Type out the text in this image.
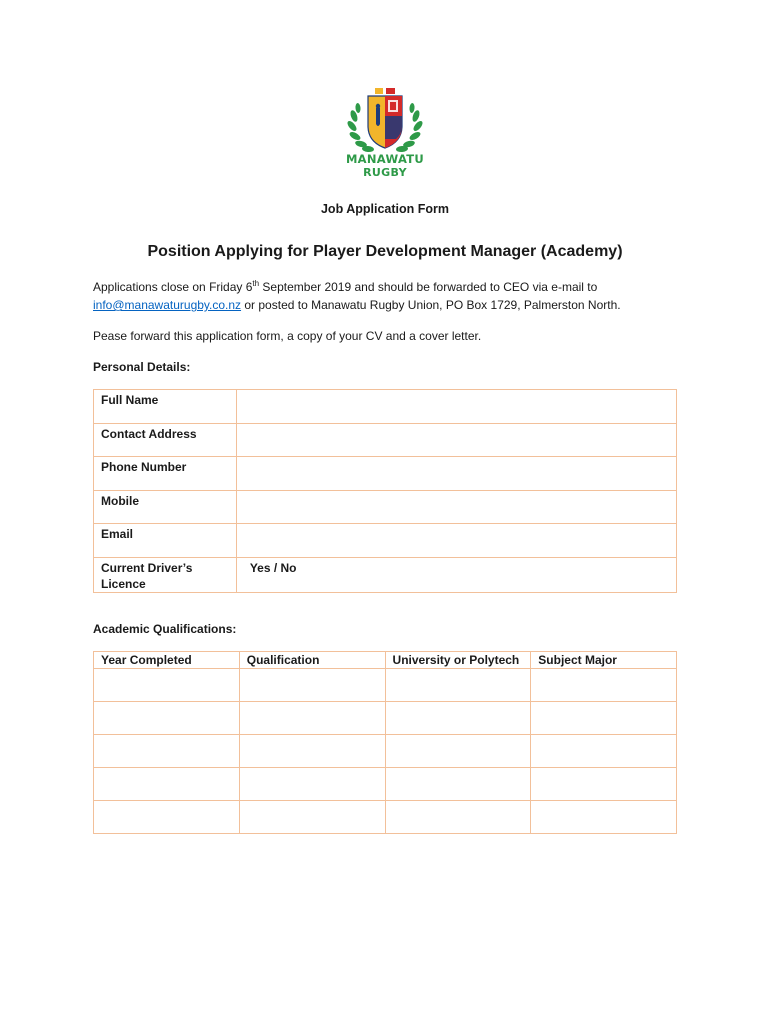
MANAWATU
RUGBY
Job Application Form
Position Applying for Player Development Manager (Academy)
Applications close on Friday 6th September 2019 and should be forwarded to CEO via e-mail to
info@manawaturugby.co.nz or posted to Manawatu Rugby Union, PO Box 1729, Palmerston North.
Pease forward this application form, a copy of your CV and a cover letter.
Personal Details:
Full Name	

Contact Address	

Phone Number	

Mobile	

Email	

Current Driver’s Licence	Yes / No
Academic Qualifications:
Year Completed	Qualification	University or Polytech	Subject Major
